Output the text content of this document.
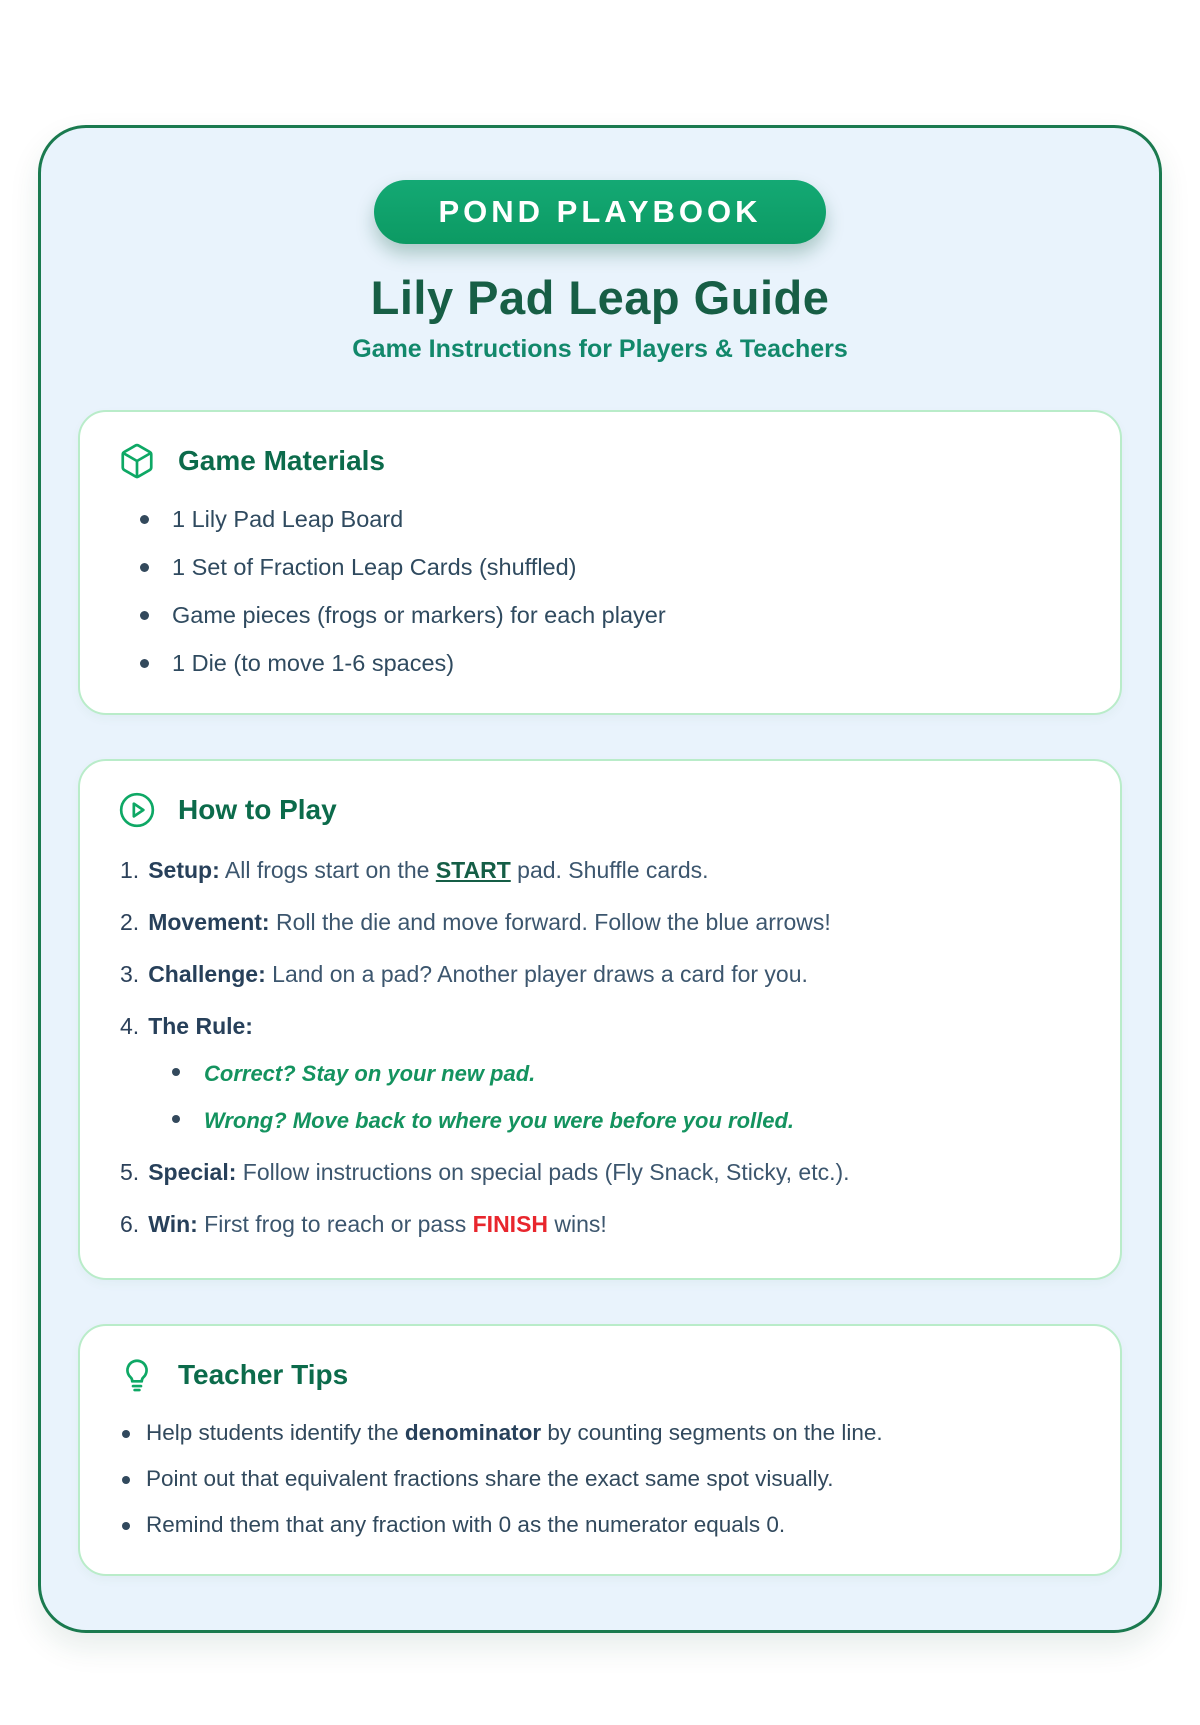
POND PLAYBOOK
Lily Pad Leap Guide
Game Instructions for Players & Teachers
Game Materials
1 Lily Pad Leap Board
1 Set of Fraction Leap Cards (shuffled)
Game pieces (frogs or markers) for each player
1 Die (to move 1-6 spaces)
How to Play
1. Setup: All frogs start on the START pad. Shuffle cards.
2. Movement: Roll the die and move forward. Follow the blue arrows!
3. Challenge: Land on a pad? Another player draws a card for you.
4. The Rule:
Correct? Stay on your new pad.
Wrong? Move back to where you were before you rolled.
5. Special: Follow instructions on special pads (Fly Snack, Sticky, etc.).
6. Win: First frog to reach or pass FINISH wins!
Teacher Tips
Help students identify the denominator by counting segments on the line.
Point out that equivalent fractions share the exact same spot visually.
Remind them that any fraction with 0 as the numerator equals 0.
